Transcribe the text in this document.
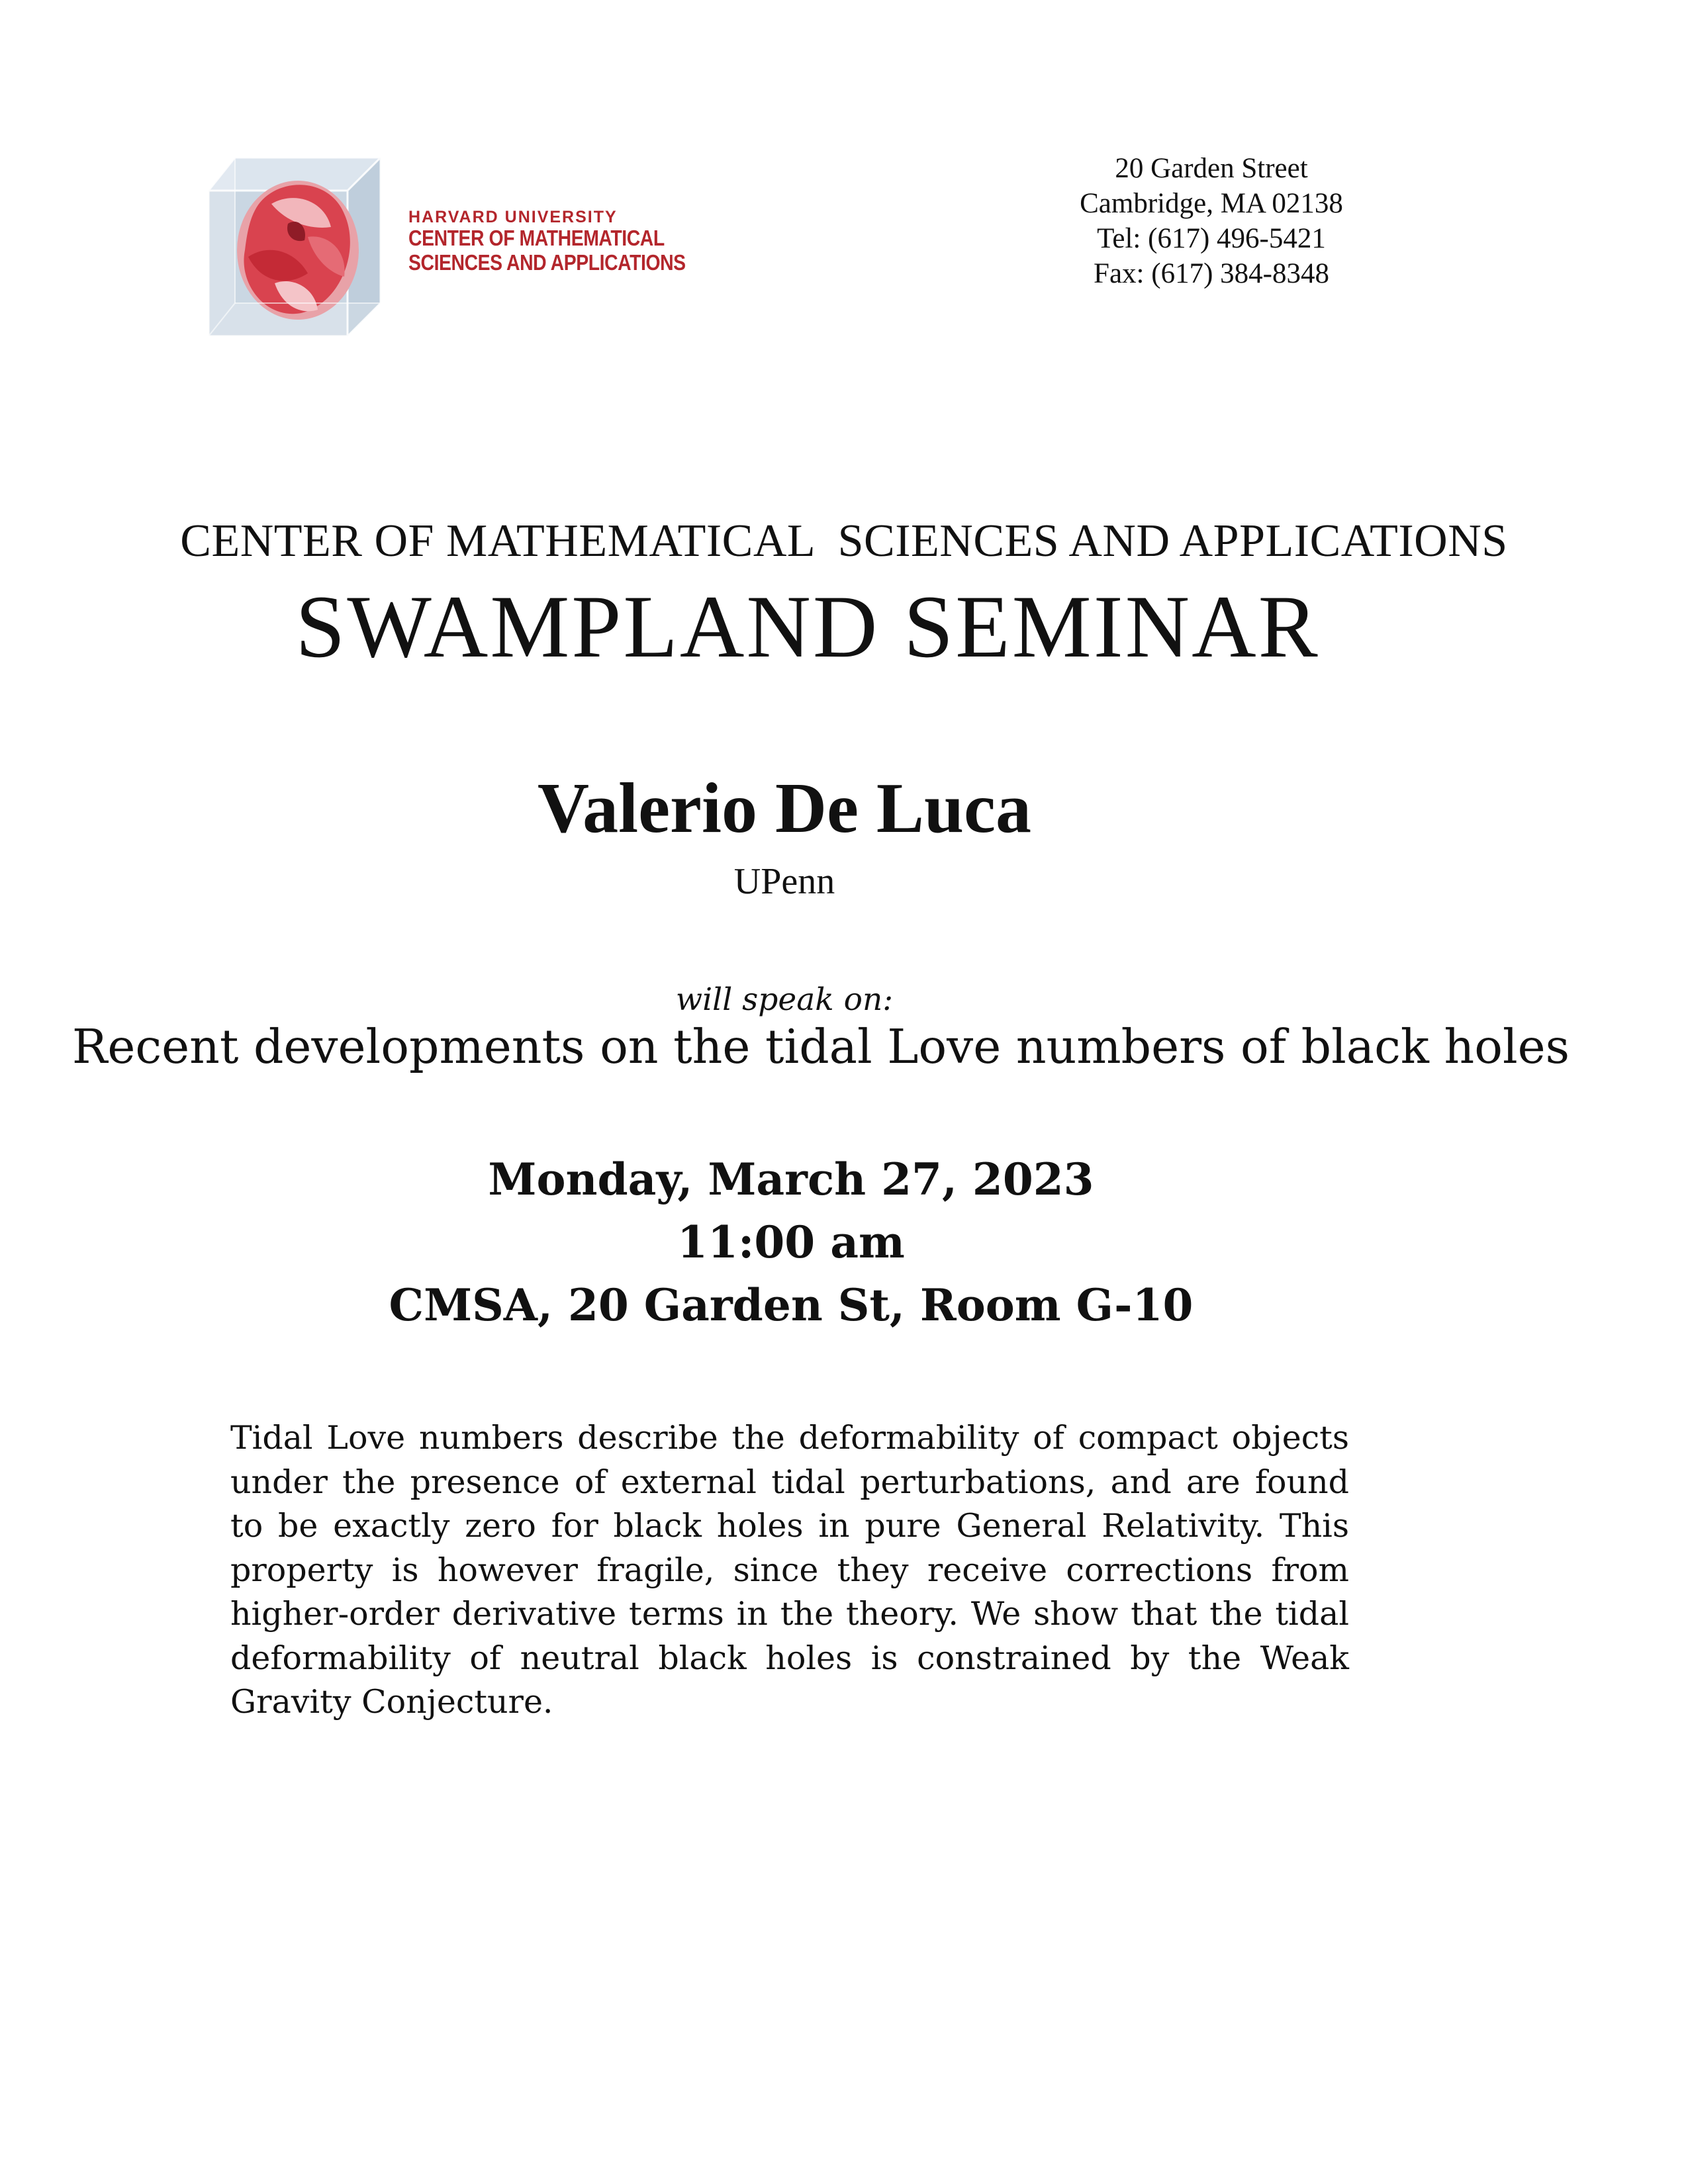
HARVARD UNIVERSITY
CENTER OF MATHEMATICAL
SCIENCES AND APPLICATIONS
20 Garden Street
Cambridge, MA 02138
Tel: (617) 496-5421
Fax: (617) 384-8348
CENTER OF MATHEMATICAL  SCIENCES AND APPLICATIONS
SWAMPLAND SEMINAR
Valerio De Luca
UPenn
will speak on:
Recent developments on the tidal Love numbers of black holes
Monday, March 27, 2023
11:00 am
CMSA, 20 Garden St, Room G-10
Tidal Love numbers describe the deformability of compact objects under the presence of external tidal perturbations, and are found to be exactly zero for black holes in pure General Relativity. This property is however fragile, since they receive corrections from higher-order derivative terms in the theory. We show that the tidal deformability of neutral black holes is constrained by the Weak Gravity Conjecture.
